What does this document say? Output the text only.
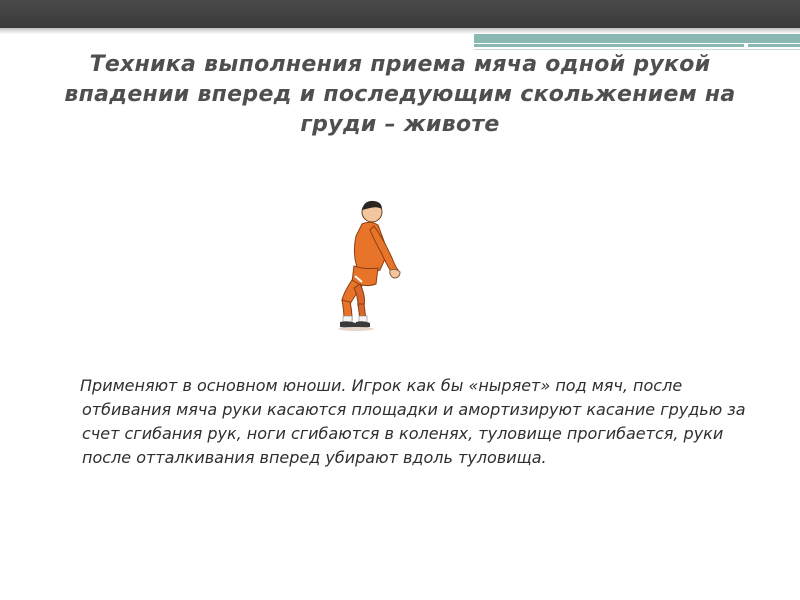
Техника выполнения приема мяча одной рукой впадении вперед и последующим скольжением на груди – животе

Применяют в основном юноши. Игрок как бы «ныряет» под мяч, после отбивания мяча руки касаются площадки и амортизируют касание грудью за счет сгибания рук, ноги сгибаются в коленях, туловище прогибается, руки после отталкивания вперед убирают вдоль туловища.
